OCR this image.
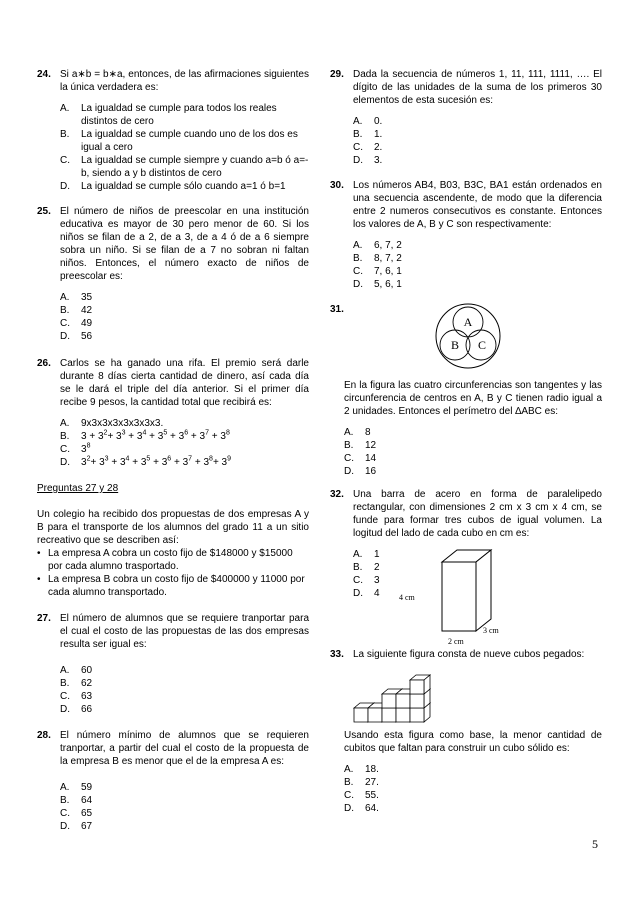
24. Si a∗b = b∗a, entonces, de las afirmaciones siguientes la única verdadera es:
A. La igualdad se cumple para todos los reales distintos de cero
B. La igualdad se cumple cuando uno de los dos es igual a cero
C. La igualdad se cumple siempre y cuando a=b ó a=-b, siendo a y b distintos de cero
D. La igualdad se cumple sólo cuando a=1 ó b=1
25. El número de niños de preescolar en una institución educativa es mayor de 30 pero menor de 60. Si los niños se filan de a 2, de a 3, de a 4 ó de a 6 siempre sobra un niño. Si se filan de a 7 no sobran ni faltan niños. Entonces, el número exacto de niños de preescolar es:
A. 35
B. 42
C. 49
D. 56
26. Carlos se ha ganado una rifa. El premio será darle durante 8 días cierta cantidad de dinero, así cada día se le dará el triple del día anterior. Si el primer día recibe 9 pesos, la cantidad total que recibirá es:
A. 9x3x3x3x3x3x3x3.
B. $3 + 3^2+ 3^3 + 3^4 + 3^5 + 3^6 + 3^7 + 3^8$
C. $3^8$
D. $3^2+ 3^3 + 3^4 + 3^5 + 3^6 + 3^7 + 3^8+ 3^9$
Preguntas 27 y 28
Un colegio ha recibido dos propuestas de dos empresas A y B para el transporte de los alumnos del grado 11 a un sitio recreativo que se describen así:
• La empresa A cobra un costo fijo de $148000 y $15000 por cada alumno trasportado.
• La empresa B cobra un costo fijo de $400000 y 11000 por cada alumno transportado.
27. El número de alumnos que se requiere tranportar para el cual el costo de las propuestas de las dos empresas resulta ser igual es:
A. 60
B. 62
C. 63
D. 66
28. El número mínimo de alumnos que se requieren tranportar, a partir del cual el costo de la propuesta de la empresa B es menor que el de la empresa A es:
A. 59
B. 64
C. 65
D. 67
29. Dada la secuencia de números 1, 11, 111, 1111, …. El dígito de las unidades de la suma de los primeros 30 elementos de esta sucesión es:
A. 0.
B. 1.
C. 2.
D. 3.
30. Los números AB4, B03, B3C, BA1 están ordenados en una secuencia ascendente, de modo que la diferencia entre 2 numeros consecutivos es constante. Entonces los valores de A, B y C son respectivamente:
A. 6, 7, 2
B. 8, 7, 2
C. 7, 6, 1
D. 5, 6, 1
31.
A
B C
En la figura las cuatro circunferencias son tangentes y las circunferencia de centros en A, B y C tienen radio igual a 2 unidades. Entonces el perímetro del ∆ABC es:
A. 8
B. 12
C. 14
D. 16
32. Una barra de acero en forma de paralelipedo rectangular, con dimensiones 2 cm x 3 cm x 4 cm, se funde para formar tres cubos de igual volumen. La logitud del lado de cada cubo en cm es:
A. 1
B. 2
C. 3
D. 4	4 cm
3 cm
2 cm
33. La siguiente figura consta de nueve cubos pegados:
Usando esta figura como base, la menor cantidad de cubitos que faltan para construir un cubo sólido es:
A. 18.
B. 27.
C. 55.
D. 64.
5
